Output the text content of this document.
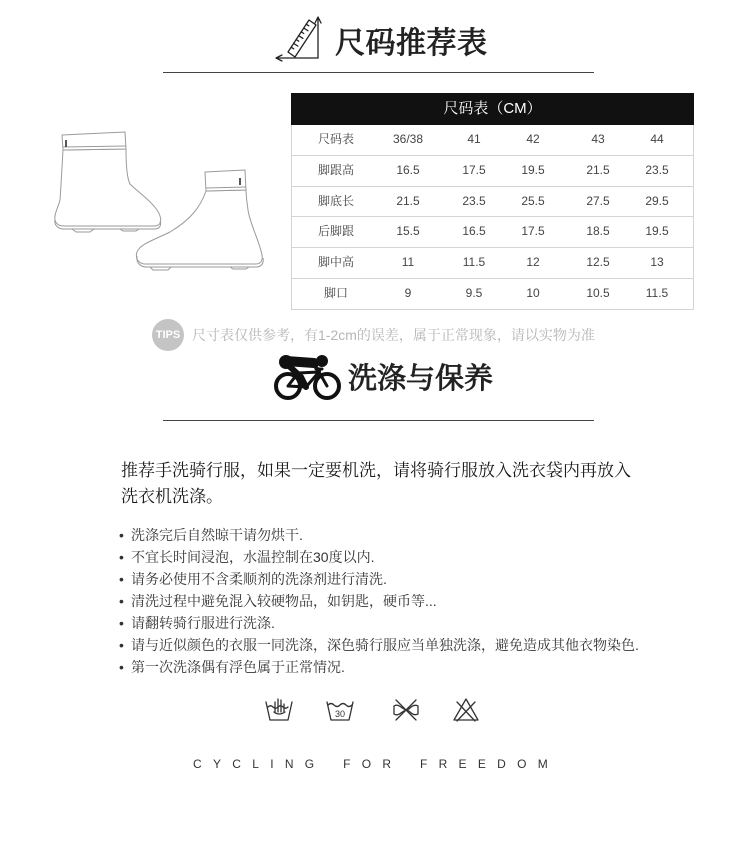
尺码推荐表
尺码表（CM）
尺码表	36/38	41	42	43	44
脚跟高	16.5	17.5	19.5	21.5	23.5
脚底长	21.5	23.5	25.5	27.5	29.5
后脚跟	15.5	16.5	17.5	18.5	19.5
脚中高	11	11.5	12	12.5	13
脚口	9	9.5	10	10.5	11.5
TIPS 尺寸表仅供参考，有1-2cm的误差，属于正常现象，请以实物为准
洗涤与保养
推荐手洗骑行服，如果一定要机洗，请将骑行服放入洗衣袋内再放入
洗衣机洗涤。
• 洗涤完后自然晾干请勿烘干.
• 不宜长时间浸泡，水温控制在30度以内.
• 请务必使用不含柔顺剂的洗涤剂进行清洗.
• 清洗过程中避免混入较硬物品，如钥匙，硬币等...
• 请翻转骑行服进行洗涤.
• 请与近似颜色的衣服一同洗涤，深色骑行服应当单独洗涤，避免造成其他衣物染色.
• 第一次洗涤偶有浮色属于正常情况.
30
CYCLING FOR FREEDOM
